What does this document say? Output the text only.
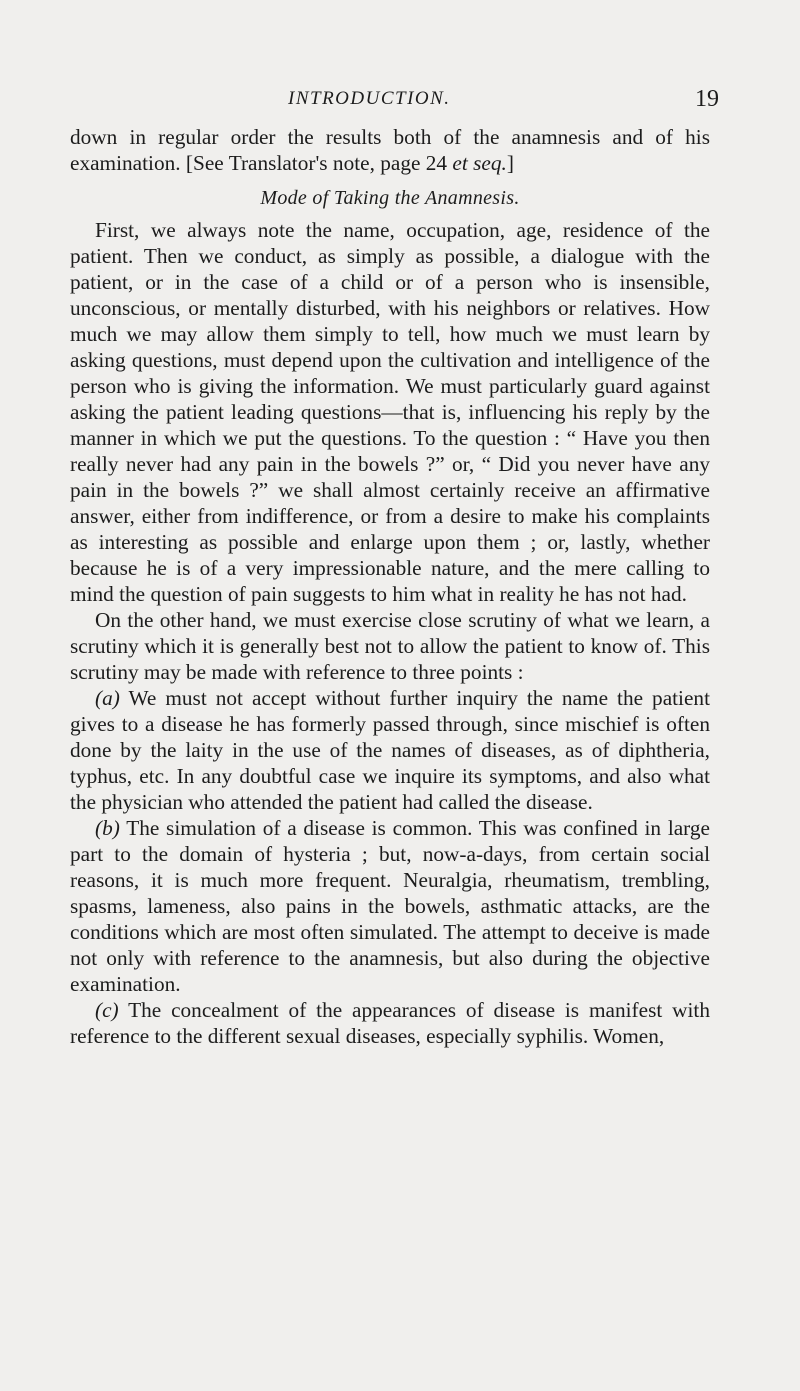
INTRODUCTION.	19

down in regular order the results both of the anamnesis and of his examination. [See Translator's note, page 24 et seq.]

Mode of Taking the Anamnesis.

First, we always note the name, occupation, age, residence of the patient. Then we conduct, as simply as possible, a dialogue with the patient, or in the case of a child or of a person who is insensible, unconscious, or mentally disturbed, with his neighbors or relatives. How much we may allow them simply to tell, how much we must learn by asking questions, must depend upon the cultivation and intelligence of the person who is giving the information. We must particularly guard against asking the patient leading questions—that is, influencing his reply by the manner in which we put the questions. To the question : “ Have you then really never had any pain in the bowels ?” or, “ Did you never have any pain in the bowels ?” we shall almost certainly receive an affirmative answer, either from indifference, or from a desire to make his complaints as interesting as possible and enlarge upon them ; or, lastly, whether because he is of a very impressionable nature, and the mere calling to mind the question of pain suggests to him what in reality he has not had.

On the other hand, we must exercise close scrutiny of what we learn, a scrutiny which it is generally best not to allow the patient to know of. This scrutiny may be made with reference to three points :

(a) We must not accept without further inquiry the name the patient gives to a disease he has formerly passed through, since mischief is often done by the laity in the use of the names of diseases, as of diphtheria, typhus, etc. In any doubtful case we inquire its symptoms, and also what the physician who attended the patient had called the disease.

(b) The simulation of a disease is common. This was confined in large part to the domain of hysteria ; but, now-a-days, from certain social reasons, it is much more frequent. Neuralgia, rheumatism, trembling, spasms, lameness, also pains in the bowels, asthmatic attacks, are the conditions which are most often simulated. The attempt to deceive is made not only with reference to the anamnesis, but also during the objective examination.

(c) The concealment of the appearances of disease is manifest with reference to the different sexual diseases, especially syphilis. Women,
